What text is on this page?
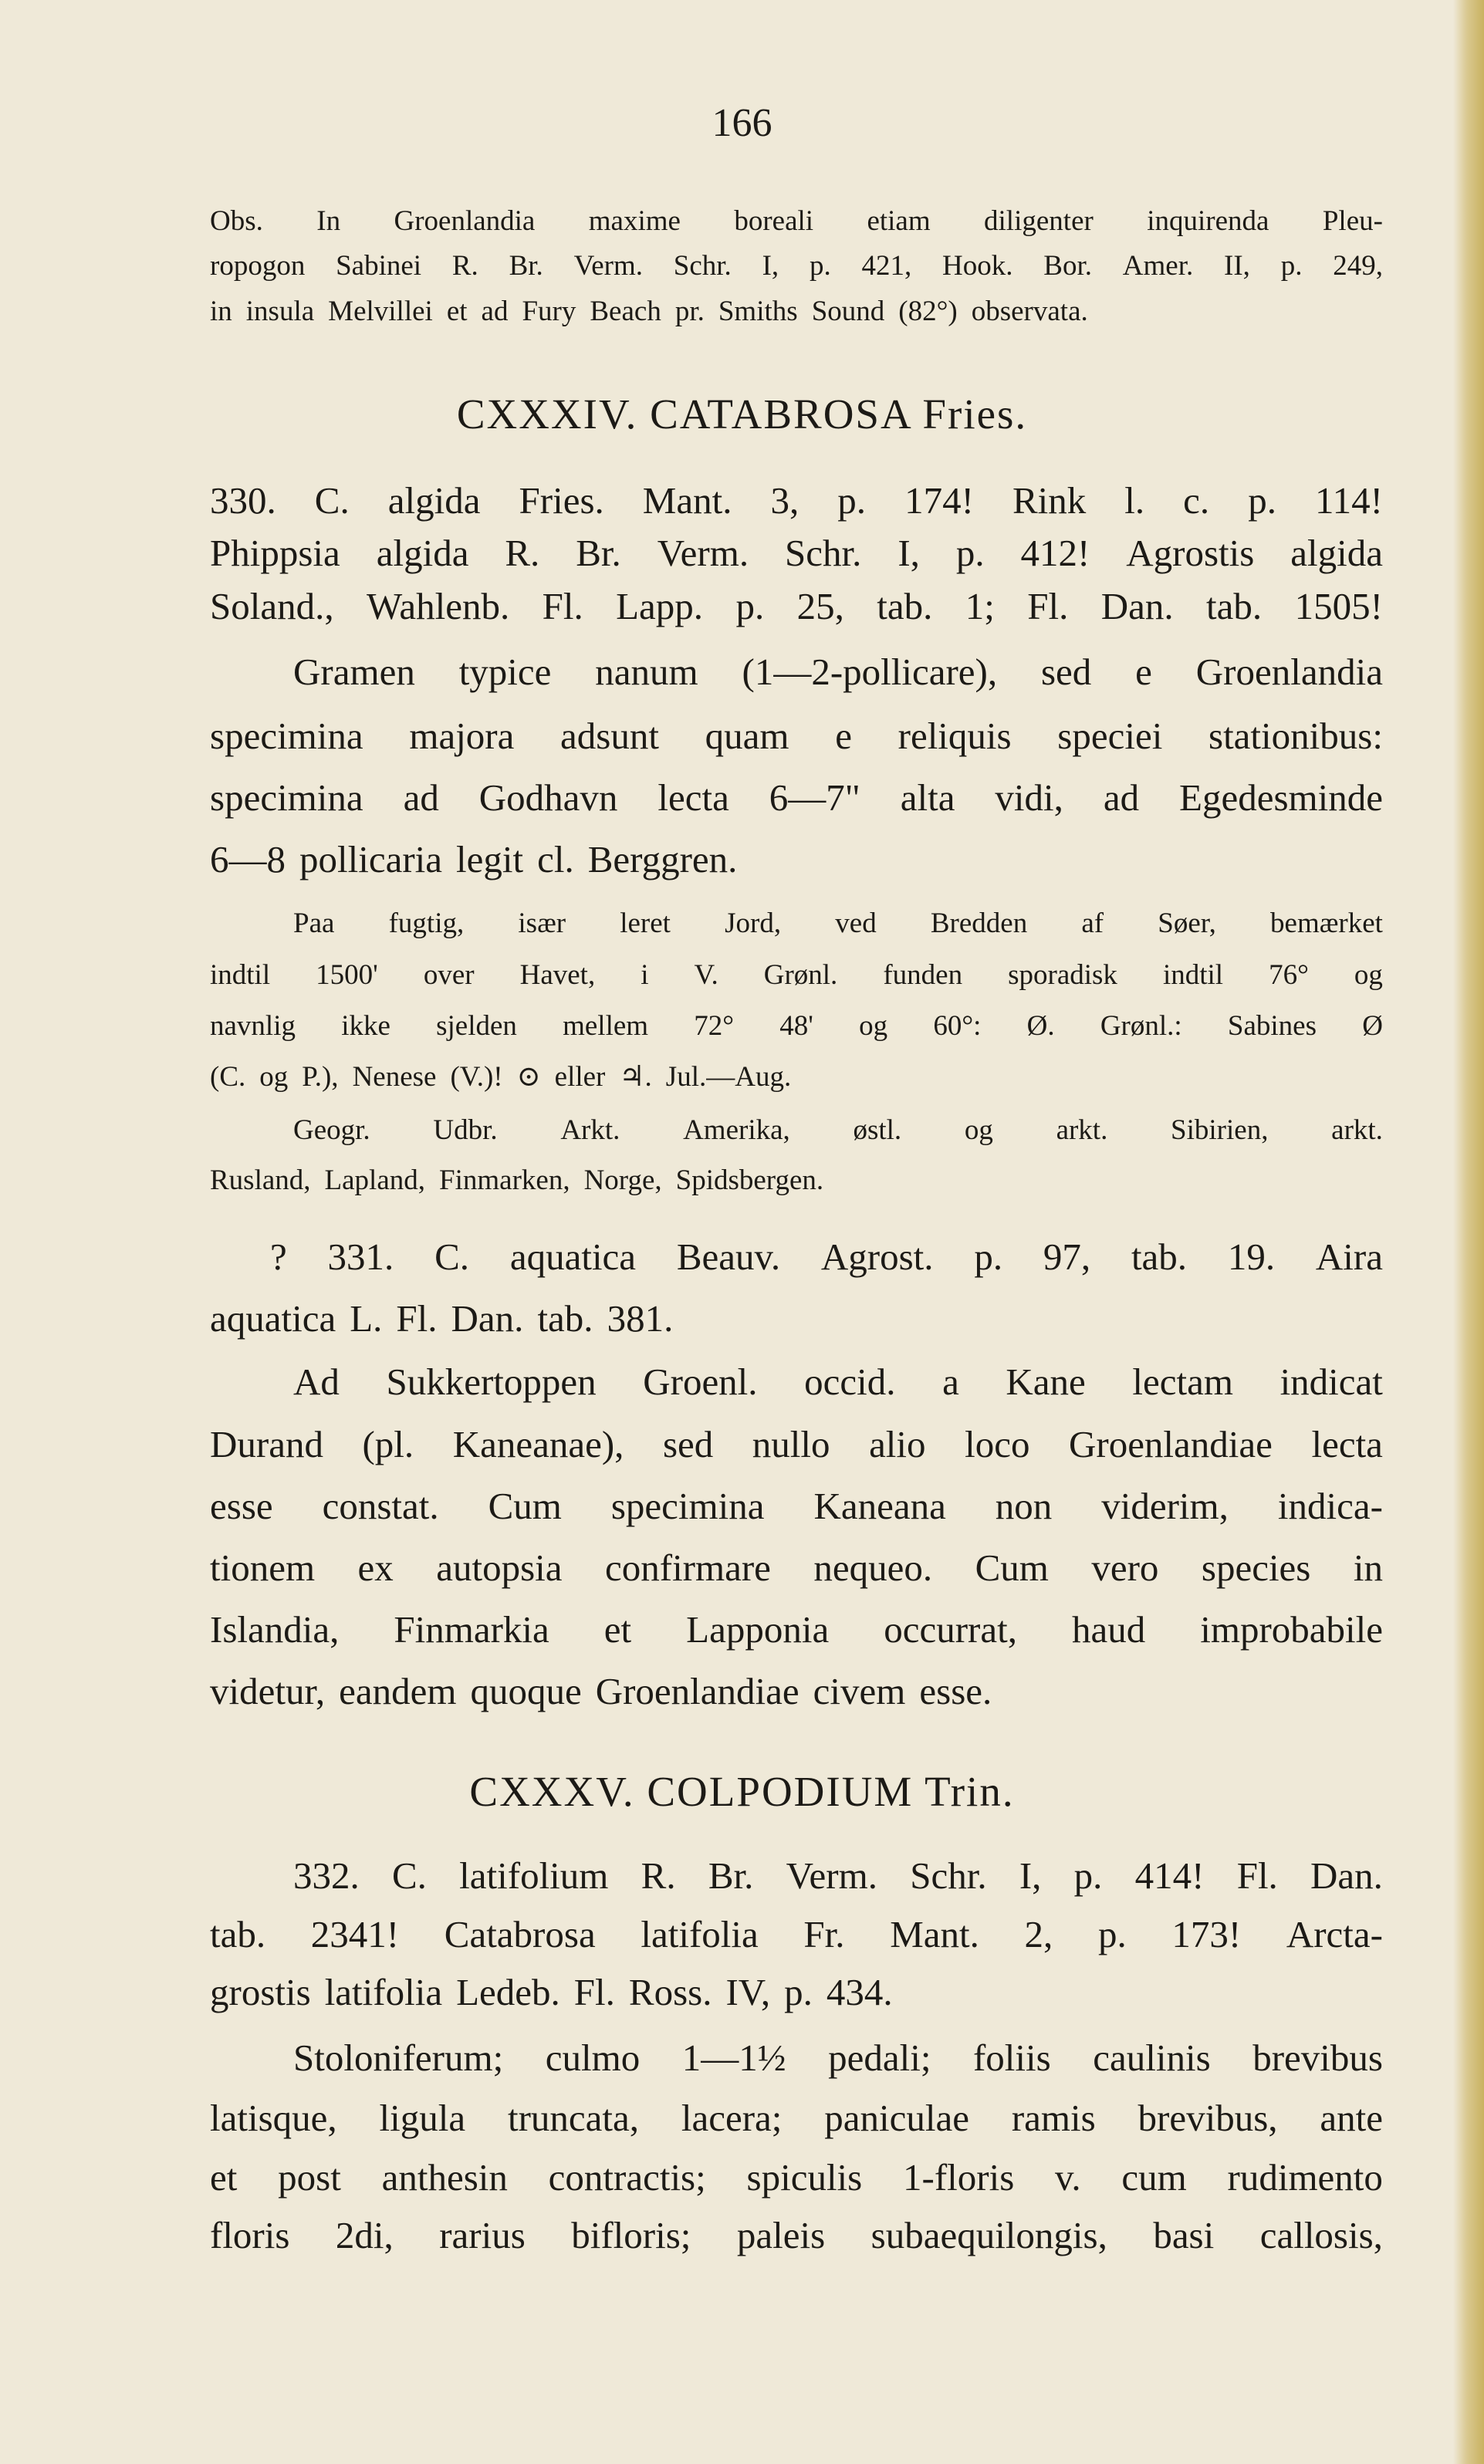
166
Obs. In Groenlandia maxime boreali etiam diligenter inquirenda Pleu-
ropogon Sabinei R. Br. Verm. Schr. I, p. 421, Hook. Bor. Amer. II, p. 249,
in insula Melvillei et ad Fury Beach pr. Smiths Sound (82°) observata.
CXXXIV. CATABROSA Fries.
330. C. algida Fries. Mant. 3, p. 174! Rink l. c. p. 114!
Phippsia algida R. Br. Verm. Schr. I, p. 412! Agrostis algida
Soland., Wahlenb. Fl. Lapp. p. 25, tab. 1; Fl. Dan. tab. 1505!
Gramen typice nanum (1—2-pollicare), sed e Groenlandia
specimina majora adsunt quam e reliquis speciei stationibus:
specimina ad Godhavn lecta 6—7" alta vidi, ad Egedesminde
6—8 pollicaria legit cl. Berggren.
Paa fugtig, især leret Jord, ved Bredden af Søer, bemærket
indtil 1500' over Havet, i V. Grønl. funden sporadisk indtil 76° og
navnlig ikke sjelden mellem 72° 48' og 60°: Ø. Grønl.: Sabines Ø
(C. og P.), Nenese (V.)! ⊙ eller ♃. Jul.—Aug.
Geogr. Udbr. Arkt. Amerika, østl. og arkt. Sibirien, arkt.
Rusland, Lapland, Finmarken, Norge, Spidsbergen.
? 331. C. aquatica Beauv. Agrost. p. 97, tab. 19. Aira
aquatica L. Fl. Dan. tab. 381.
Ad Sukkertoppen Groenl. occid. a Kane lectam indicat
Durand (pl. Kaneanae), sed nullo alio loco Groenlandiae lecta
esse constat. Cum specimina Kaneana non viderim, indica-
tionem ex autopsia confirmare nequeo. Cum vero species in
Islandia, Finmarkia et Lapponia occurrat, haud improbabile
videtur, eandem quoque Groenlandiae civem esse.
CXXXV. COLPODIUM Trin.
332. C. latifolium R. Br. Verm. Schr. I, p. 414! Fl. Dan.
tab. 2341! Catabrosa latifolia Fr. Mant. 2, p. 173! Arcta-
grostis latifolia Ledeb. Fl. Ross. IV, p. 434.
Stoloniferum; culmo 1—1½ pedali; foliis caulinis brevibus
latisque, ligula truncata, lacera; paniculae ramis brevibus, ante
et post anthesin contractis; spiculis 1-floris v. cum rudimento
floris 2di, rarius bifloris; paleis subaequilongis, basi callosis,
